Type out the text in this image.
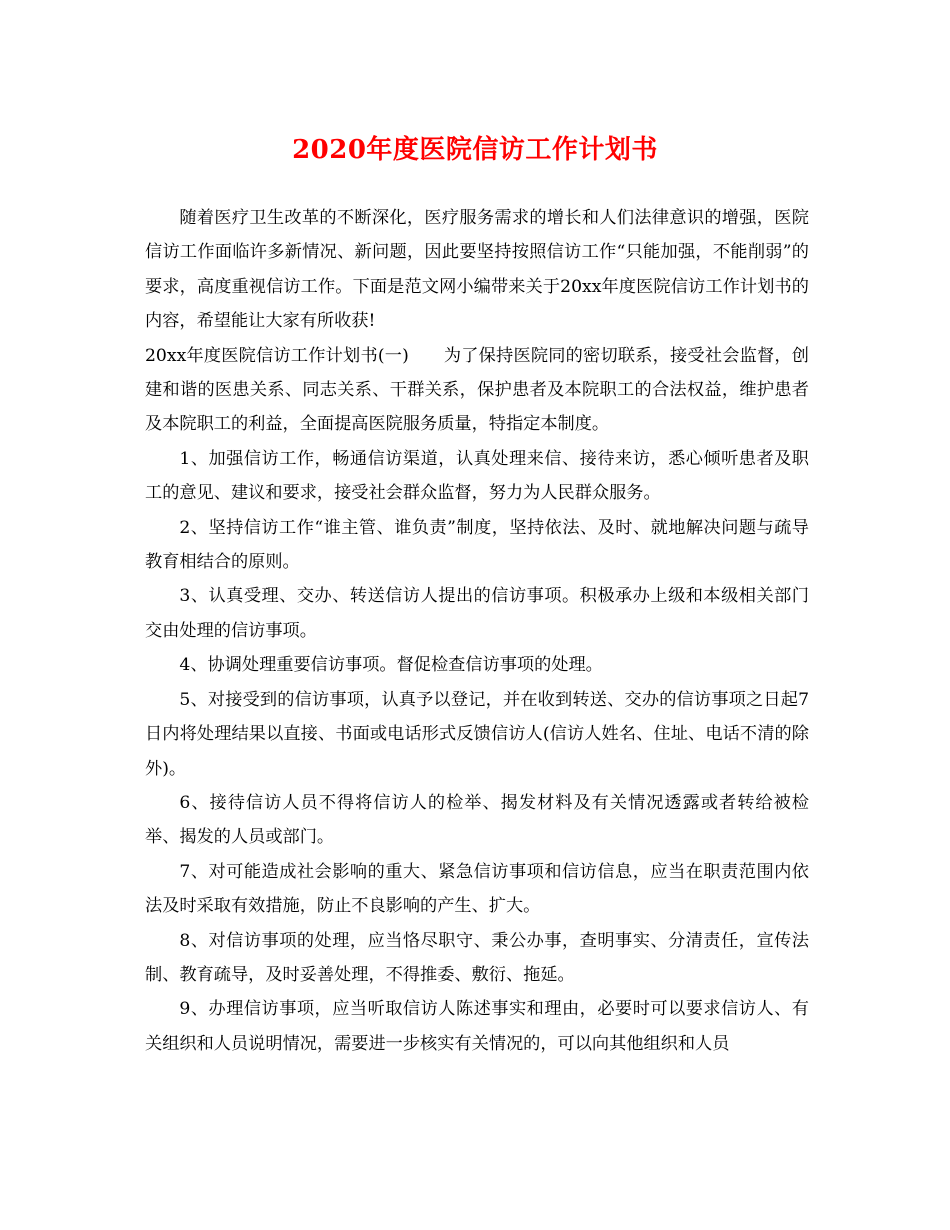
2020年度医院信访工作计划书

随着医疗卫生改革的不断深化，医疗服务需求的增长和人们法律意识的增强，医院信访工作面临许多新情况、新问题，因此要坚持按照信访工作“只能加强，不能削弱”的要求，高度重视信访工作。下面是范文网小编带来关于20xx年度医院信访工作计划书的内容，希望能让大家有所收获!

20xx年度医院信访工作计划书(一)　　为了保持医院同的密切联系，接受社会监督，创建和谐的医患关系、同志关系、干群关系，保护患者及本院职工的合法权益，维护患者及本院职工的利益，全面提高医院服务质量，特指定本制度。

1、加强信访工作，畅通信访渠道，认真处理来信、接待来访，悉心倾听患者及职工的意见、建议和要求，接受社会群众监督，努力为人民群众服务。

2、坚持信访工作“谁主管、谁负责”制度，坚持依法、及时、就地解决问题与疏导教育相结合的原则。

3、认真受理、交办、转送信访人提出的信访事项。积极承办上级和本级相关部门交由处理的信访事项。

4、协调处理重要信访事项。督促检查信访事项的处理。

5、对接受到的信访事项，认真予以登记，并在收到转送、交办的信访事项之日起7日内将处理结果以直接、书面或电话形式反馈信访人(信访人姓名、住址、电话不清的除外)。

6、接待信访人员不得将信访人的检举、揭发材料及有关情况透露或者转给被检举、揭发的人员或部门。

7、对可能造成社会影响的重大、紧急信访事项和信访信息，应当在职责范围内依法及时采取有效措施，防止不良影响的产生、扩大。

8、对信访事项的处理，应当恪尽职守、秉公办事，查明事实、分清责任，宣传法制、教育疏导，及时妥善处理，不得推委、敷衍、拖延。

9、办理信访事项，应当听取信访人陈述事实和理由，必要时可以要求信访人、有关组织和人员说明情况，需要进一步核实有关情况的，可以向其他组织和人员
